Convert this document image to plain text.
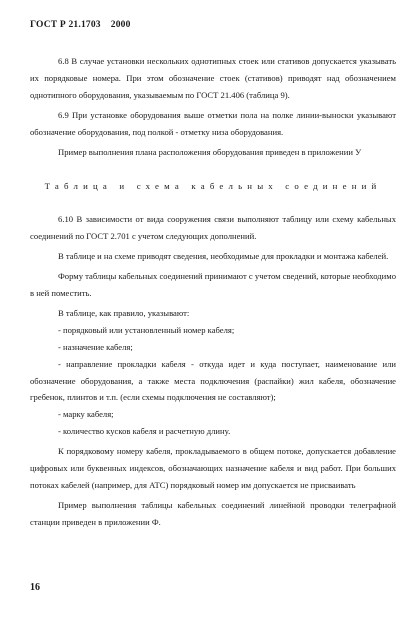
ГОСТ Р 21.1703 2000

6.8 В случае установки нескольких однотипных стоек или стативов допускается указывать их порядковые номера. При этом обозначение стоек (стативов) приводят над обозначением однотипного оборудования, указываемым по ГОСТ 21.406 (таблица 9).

6.9 При установке оборудования выше отметки пола на полке линии-выноски указывают обозначение оборудования, под полкой - отметку низа оборудования.

Пример выполнения плана расположения оборудования приведен в приложении У

Таблица и схема кабельных соединений

6.10 В зависимости от вида сооружения связи выполняют таблицу или схему кабельных соединений по ГОСТ 2.701 с учетом следующих дополнений.

В таблице и на схеме приводят сведения, необходимые для прокладки и монтажа кабелей.

Форму таблицы кабельных соединений принимают с учетом сведений, которые необходимо в ней поместить.

В таблице, как правило, указывают:

- порядковый или установленный номер кабеля;

- назначение кабеля;

- направление прокладки кабеля - откуда идет и куда поступает, наименование или обозначение оборудования, а также места подключения (распайки) жил кабеля, обозначение гребенок, плинтов и т.п. (если схемы подключения не составляют);

- марку кабеля;

- количество кусков кабеля и расчетную длину.

К порядковому номеру кабеля, прокладываемого в общем потоке, допускается добавление цифровых или буквенных индексов, обозначающих назначение кабеля и вид работ. При больших потоках кабелей (например, для АТС) порядковый номер им допускается не присваивать

Пример выполнения таблицы кабельных соединений линейной проводки телеграфной станции приведен в приложении Ф.

16
